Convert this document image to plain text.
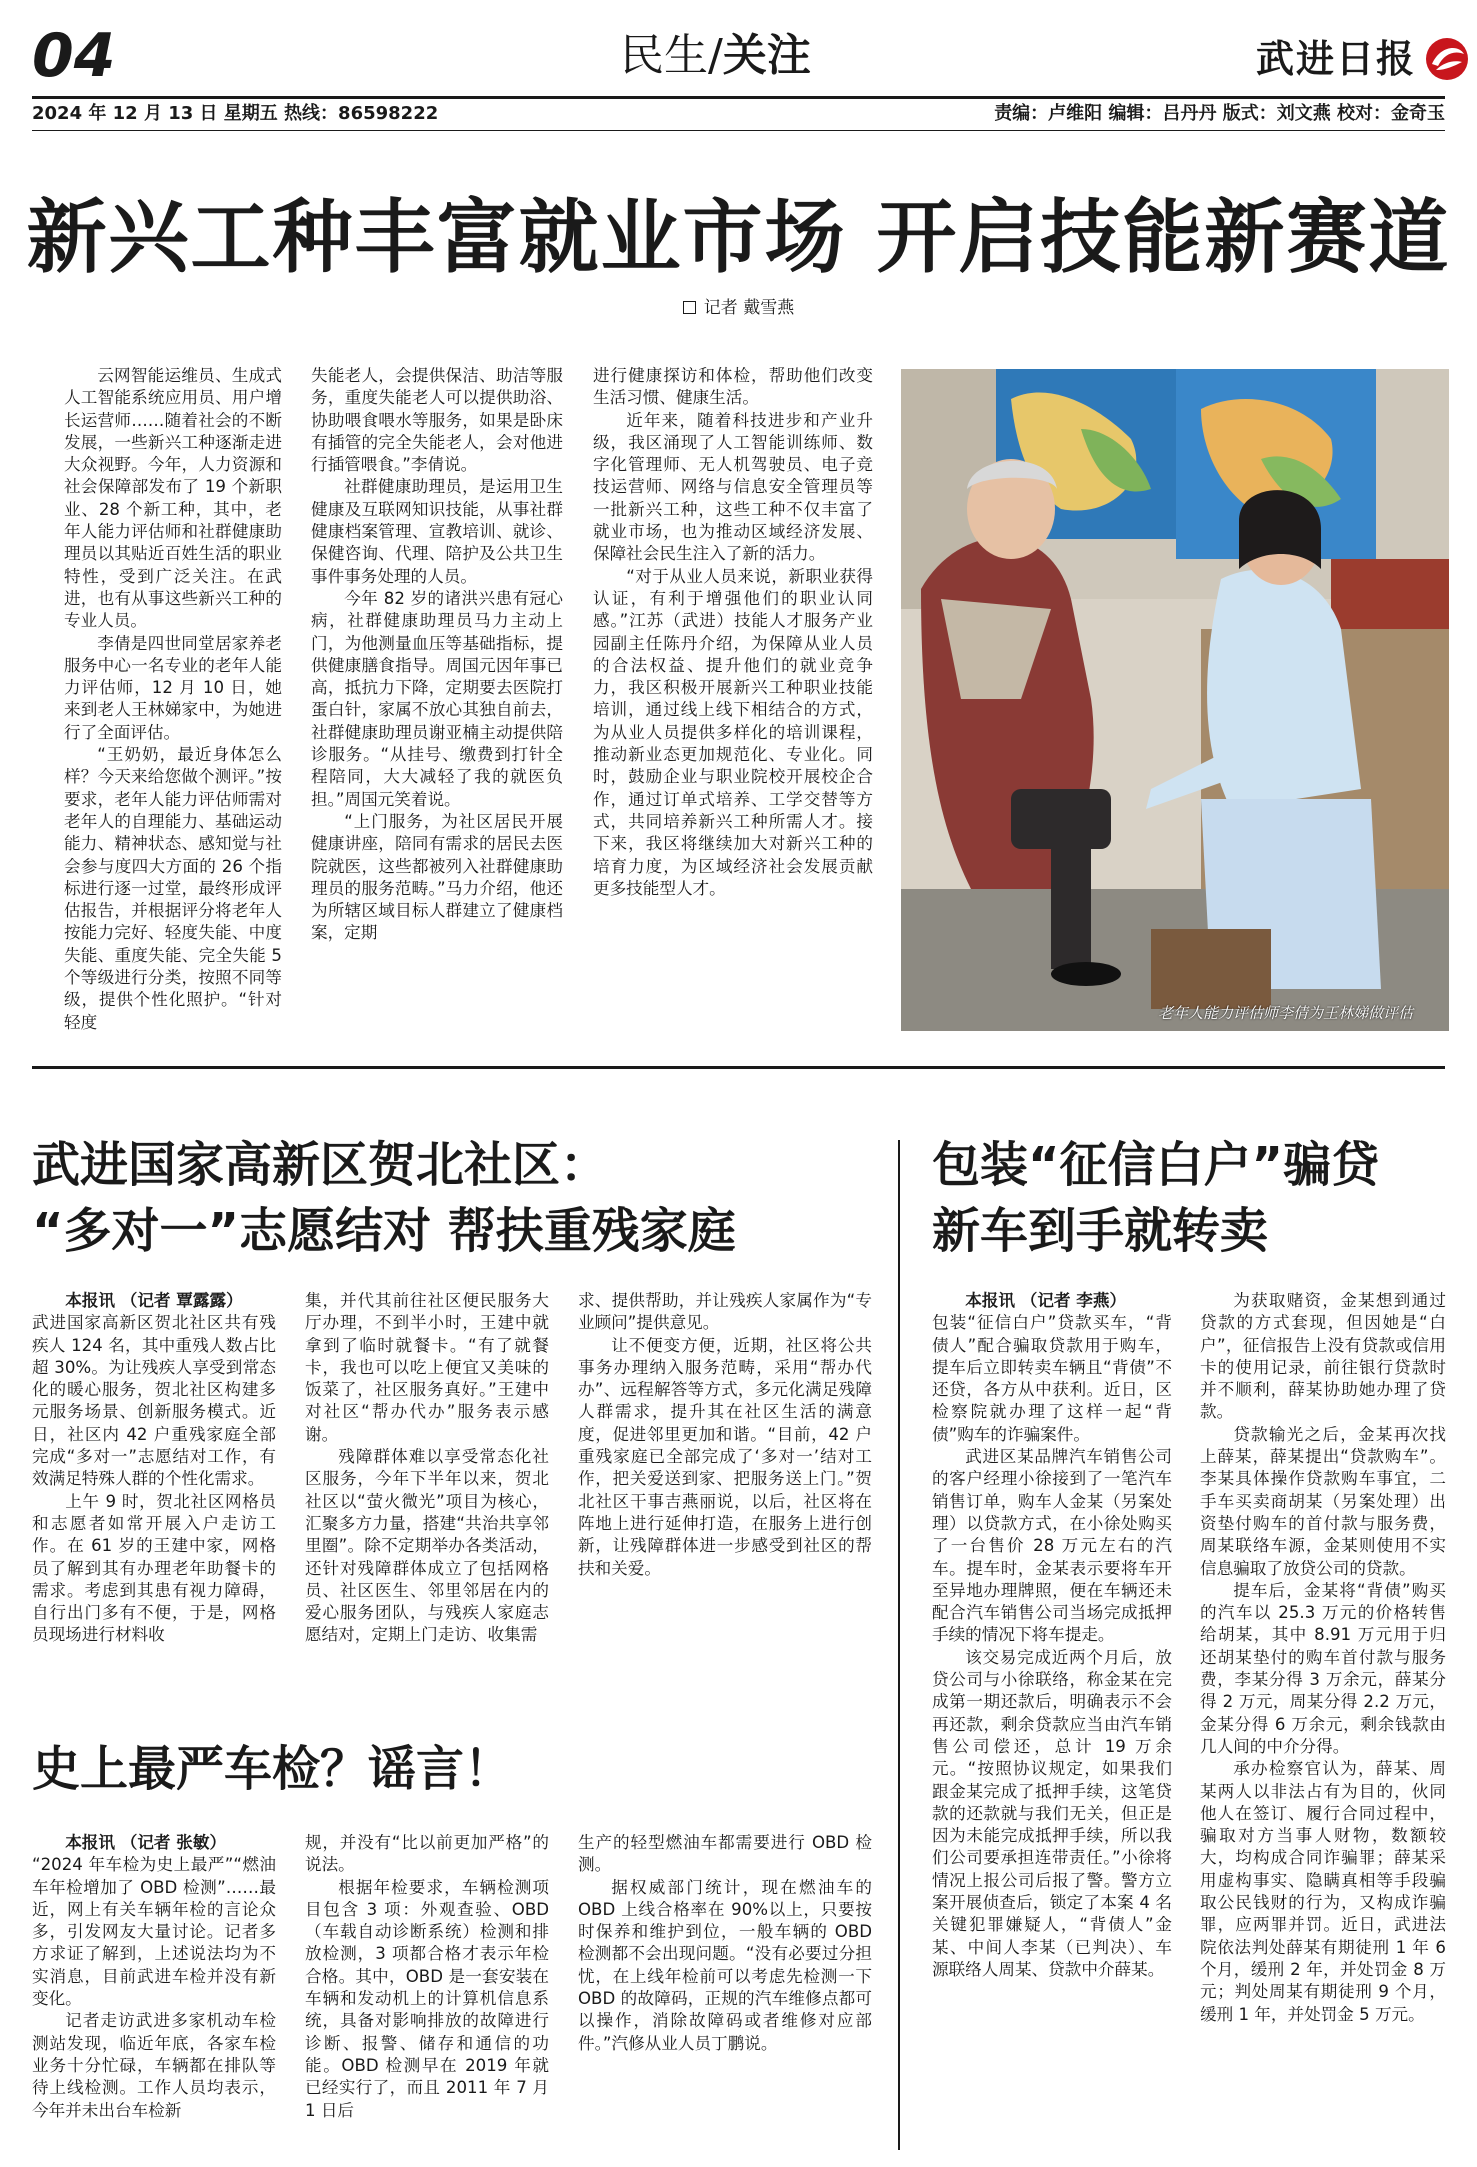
04	民生/关注	武进日报
2024 年 12 月 13 日 星期五 热线：86598222	责编：卢维阳 编辑：吕丹丹 版式：刘文燕 校对：金奇玉
新兴工种丰富就业市场 开启技能新赛道
记者 戴雪燕

云网智能运维员、生成式人工智能系统应用员、用户增长运营师……随着社会的不断发展，一些新兴工种逐渐走进大众视野。今年，人力资源和社会保障部发布了 19 个新职业、28 个新工种，其中，老年人能力评估师和社群健康助理员以其贴近百姓生活的职业特性，受到广泛关注。在武进，也有从事这些新兴工种的专业人员。

李倩是四世同堂居家养老服务中心一名专业的老年人能力评估师，12 月 10 日，她来到老人王林娣家中，为她进行了全面评估。

“王奶奶，最近身体怎么样？今天来给您做个测评。”按要求，老年人能力评估师需对老年人的自理能力、基础运动能力、精神状态、感知觉与社会参与度四大方面的 26 个指标进行逐一过堂，最终形成评估报告，并根据评分将老年人按能力完好、轻度失能、中度失能、重度失能、完全失能 5 个等级进行分类，按照不同等级，提供个性化照护。“针对轻度

失能老人，会提供保洁、助洁等服务，重度失能老人可以提供助浴、协助喂食喂水等服务，如果是卧床有插管的完全失能老人，会对他进行插管喂食。”李倩说。

社群健康助理员，是运用卫生健康及互联网知识技能，从事社群健康档案管理、宣教培训、就诊、保健咨询、代理、陪护及公共卫生事件事务处理的人员。

今年 82 岁的诸洪兴患有冠心病，社群健康助理员马力主动上门，为他测量血压等基础指标，提供健康膳食指导。周国元因年事已高，抵抗力下降，定期要去医院打蛋白针，家属不放心其独自前去，社群健康助理员谢亚楠主动提供陪诊服务。“从挂号、缴费到打针全程陪同，大大减轻了我的就医负担。”周国元笑着说。

“上门服务，为社区居民开展健康讲座，陪同有需求的居民去医院就医，这些都被列入社群健康助理员的服务范畴。”马力介绍，他还为所辖区域目标人群建立了健康档案，定期

进行健康探访和体检，帮助他们改变生活习惯、健康生活。

近年来，随着科技进步和产业升级，我区涌现了人工智能训练师、数字化管理师、无人机驾驶员、电子竞技运营师、网络与信息安全管理员等一批新兴工种，这些工种不仅丰富了就业市场，也为推动区域经济发展、保障社会民生注入了新的活力。

“对于从业人员来说，新职业获得认证，有利于增强他们的职业认同感。”江苏（武进）技能人才服务产业园副主任陈丹介绍，为保障从业人员的合法权益、提升他们的就业竞争力，我区积极开展新兴工种职业技能培训，通过线上线下相结合的方式，为从业人员提供多样化的培训课程，推动新业态更加规范化、专业化。同时，鼓励企业与职业院校开展校企合作，通过订单式培养、工学交替等方式，共同培养新兴工种所需人才。接下来，我区将继续加大对新兴工种的培育力度，为区域经济社会发展贡献更多技能型人才。

老年人能力评估师李倩为王林娣做评估
武进国家高新区贺北社区：
“多对一”志愿结对 帮扶重残家庭

本报讯 （记者 覃露露）

武进国家高新区贺北社区共有残疾人 124 名，其中重残人数占比超 30%。为让残疾人享受到常态化的暖心服务，贺北社区构建多元服务场景、创新服务模式。近日，社区内 42 户重残家庭全部完成“多对一”志愿结对工作，有效满足特殊人群的个性化需求。

上午 9 时，贺北社区网格员和志愿者如常开展入户走访工作。在 61 岁的王建中家，网格员了解到其有办理老年助餐卡的需求。考虑到其患有视力障碍，自行出门多有不便，于是，网格员现场进行材料收

集，并代其前往社区便民服务大厅办理，不到半小时，王建中就拿到了临时就餐卡。“有了就餐卡，我也可以吃上便宜又美味的饭菜了，社区服务真好。”王建中对社区“帮办代办”服务表示感谢。

残障群体难以享受常态化社区服务，今年下半年以来，贺北社区以“萤火微光”项目为核心，汇聚多方力量，搭建“共治共享邻里圈”。除不定期举办各类活动，还针对残障群体成立了包括网格员、社区医生、邻里邻居在内的爱心服务团队，与残疾人家庭志愿结对，定期上门走访、收集需

求、提供帮助，并让残疾人家属作为“专业顾问”提供意见。

让不便变方便，近期，社区将公共事务办理纳入服务范畴，采用“帮办代办”、远程解答等方式，多元化满足残障人群需求，提升其在社区生活的满意度，促进邻里更加和谐。“目前，42 户重残家庭已全部完成了‘多对一’结对工作，把关爱送到家、把服务送上门。”贺北社区干事吉燕丽说，以后，社区将在阵地上进行延伸打造，在服务上进行创新，让残障群体进一步感受到社区的帮扶和关爱。

史上最严车检？谣言！

本报讯 （记者 张敏）

“2024 年车检为史上最严”“燃油车年检增加了 OBD 检测”……最近，网上有关车辆年检的言论众多，引发网友大量讨论。记者多方求证了解到，上述说法均为不实消息，目前武进车检并没有新变化。

记者走访武进多家机动车检测站发现，临近年底，各家车检业务十分忙碌，车辆都在排队等待上线检测。工作人员均表示，今年并未出台车检新

规，并没有“比以前更加严格”的说法。

根据年检要求，车辆检测项目包含 3 项：外观查验、OBD（车载自动诊断系统）检测和排放检测，3 项都合格才表示年检合格。其中，OBD 是一套安装在车辆和发动机上的计算机信息系统，具备对影响排放的故障进行诊断、报警、储存和通信的功能。OBD 检测早在 2019 年就已经实行了，而且 2011 年 7 月 1 日后

生产的轻型燃油车都需要进行 OBD 检测。

据权威部门统计，现在燃油车的 OBD 上线合格率在 90%以上，只要按时保养和维护到位，一般车辆的 OBD 检测都不会出现问题。“没有必要过分担忧，在上线年检前可以考虑先检测一下 OBD 的故障码，正规的汽车维修点都可以操作，消除故障码或者维修对应部件。”汽修从业人员丁鹏说。

包装“征信白户”骗贷
新车到手就转卖

本报讯 （记者 李燕）

包装“征信白户”贷款买车，“背债人”配合骗取贷款用于购车，提车后立即转卖车辆且“背债”不还贷，各方从中获利。近日，区检察院就办理了这样一起“背债”购车的诈骗案件。

武进区某品牌汽车销售公司的客户经理小徐接到了一笔汽车销售订单，购车人金某（另案处理）以贷款方式，在小徐处购买了一台售价 28 万元左右的汽车。提车时，金某表示要将车开至异地办理牌照，便在车辆还未配合汽车销售公司当场完成抵押手续的情况下将车提走。

该交易完成近两个月后，放贷公司与小徐联络，称金某在完成第一期还款后，明确表示不会再还款，剩余贷款应当由汽车销售公司偿还，总计 19 万余元。“按照协议规定，如果我们跟金某完成了抵押手续，这笔贷款的还款就与我们无关，但正是因为未能完成抵押手续，所以我们公司要承担连带责任。”小徐将情况上报公司后报了警。警方立案开展侦查后，锁定了本案 4 名关键犯罪嫌疑人，“背债人”金某、中间人李某（已判决）、车源联络人周某、贷款中介薛某。

为获取赌资，金某想到通过贷款的方式套现，但因她是“白户”，征信报告上没有贷款或信用卡的使用记录，前往银行贷款时并不顺利，薛某协助她办理了贷款。

贷款输光之后，金某再次找上薛某，薛某提出“贷款购车”。李某具体操作贷款购车事宜，二手车买卖商胡某（另案处理）出资垫付购车的首付款与服务费，周某联络车源，金某则使用不实信息骗取了放贷公司的贷款。

提车后，金某将“背债”购买的汽车以 25.3 万元的价格转售给胡某，其中 8.91 万元用于归还胡某垫付的购车首付款与服务费，李某分得 3 万余元，薛某分得 2 万元，周某分得 2.2 万元，金某分得 6 万余元，剩余钱款由几人间的中介分得。

承办检察官认为，薛某、周某两人以非法占有为目的，伙同他人在签订、履行合同过程中，骗取对方当事人财物，数额较大，均构成合同诈骗罪；薛某采用虚构事实、隐瞒真相等手段骗取公民钱财的行为，又构成诈骗罪，应两罪并罚。近日，武进法院依法判处薛某有期徒刑 1 年 6 个月，缓刑 2 年，并处罚金 8 万元；判处周某有期徒刑 9 个月，缓刑 1 年，并处罚金 5 万元。
